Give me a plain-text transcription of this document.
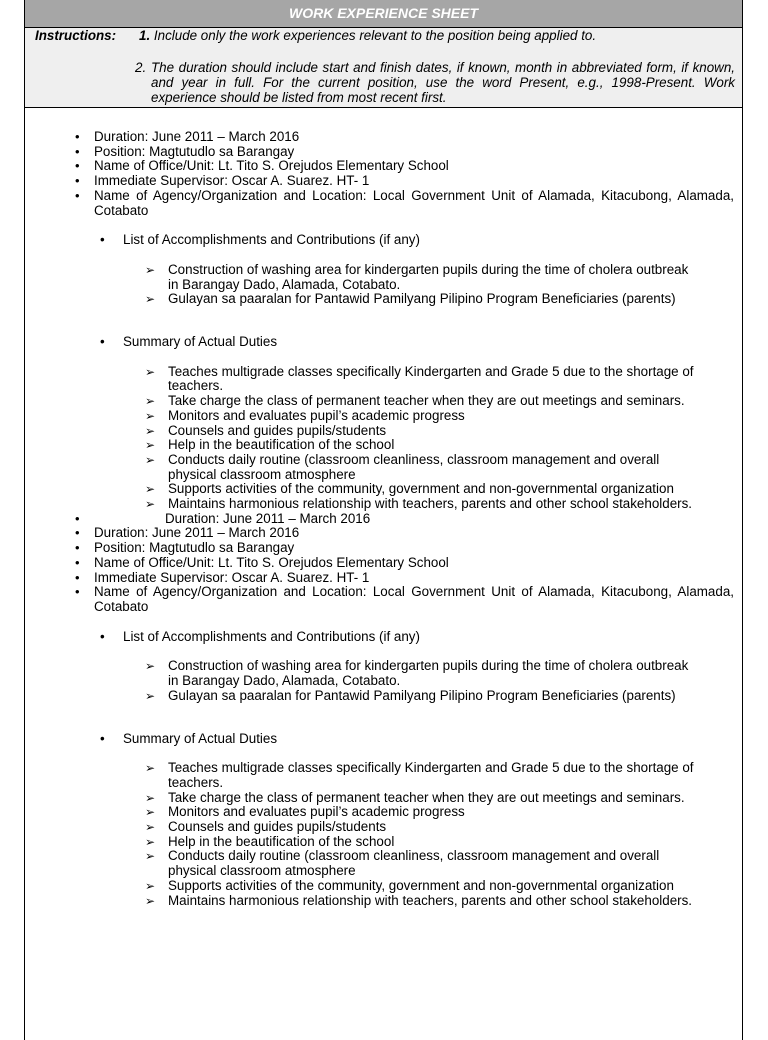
WORK EXPERIENCE SHEET
Instructions: 1. Include only the work experiences relevant to the position being applied to.
2. The duration should include start and finish dates, if known, month in abbreviated form, if known, and year in full. For the current position, use the word Present, e.g., 1998-Present. Work experience should be listed from most recent first.
•	Duration: June 2011 – March 2016
•	Position: Magtutudlo sa Barangay
•	Name of Office/Unit: Lt. Tito S. Orejudos Elementary School
•	Immediate Supervisor: Oscar A. Suarez. HT- 1
•	Name of Agency/Organization and Location: Local Government Unit of Alamada, Kitacubong, Alamada, Cotabato
• List of Accomplishments and Contributions (if any)
➢ Construction of washing area for kindergarten pupils during the time of cholera outbreak in Barangay Dado, Alamada, Cotabato.
➢ Gulayan sa paaralan for Pantawid Pamilyang Pilipino Program Beneficiaries (parents)
• Summary of Actual Duties
➢ Teaches multigrade classes specifically Kindergarten and Grade 5 due to the shortage of teachers.
➢ Take charge the class of permanent teacher when they are out meetings and seminars.
➢ Monitors and evaluates pupil’s academic progress
➢ Counsels and guides pupils/students
➢ Help in the beautification of the school
➢ Conducts daily routine (classroom cleanliness, classroom management and overall physical classroom atmosphere
➢ Supports activities of the community, government and non-governmental organization
➢ Maintains harmonious relationship with teachers, parents and other school stakeholders.
•	Duration: June 2011 – March 2016
•	Duration: June 2011 – March 2016
•	Position: Magtutudlo sa Barangay
•	Name of Office/Unit: Lt. Tito S. Orejudos Elementary School
•	Immediate Supervisor: Oscar A. Suarez. HT- 1
•	Name of Agency/Organization and Location: Local Government Unit of Alamada, Kitacubong, Alamada, Cotabato
• List of Accomplishments and Contributions (if any)
➢ Construction of washing area for kindergarten pupils during the time of cholera outbreak in Barangay Dado, Alamada, Cotabato.
➢ Gulayan sa paaralan for Pantawid Pamilyang Pilipino Program Beneficiaries (parents)
• Summary of Actual Duties
➢ Teaches multigrade classes specifically Kindergarten and Grade 5 due to the shortage of teachers.
➢ Take charge the class of permanent teacher when they are out meetings and seminars.
➢ Monitors and evaluates pupil’s academic progress
➢ Counsels and guides pupils/students
➢ Help in the beautification of the school
➢ Conducts daily routine (classroom cleanliness, classroom management and overall physical classroom atmosphere
➢ Supports activities of the community, government and non-governmental organization
➢ Maintains harmonious relationship with teachers, parents and other school stakeholders.
